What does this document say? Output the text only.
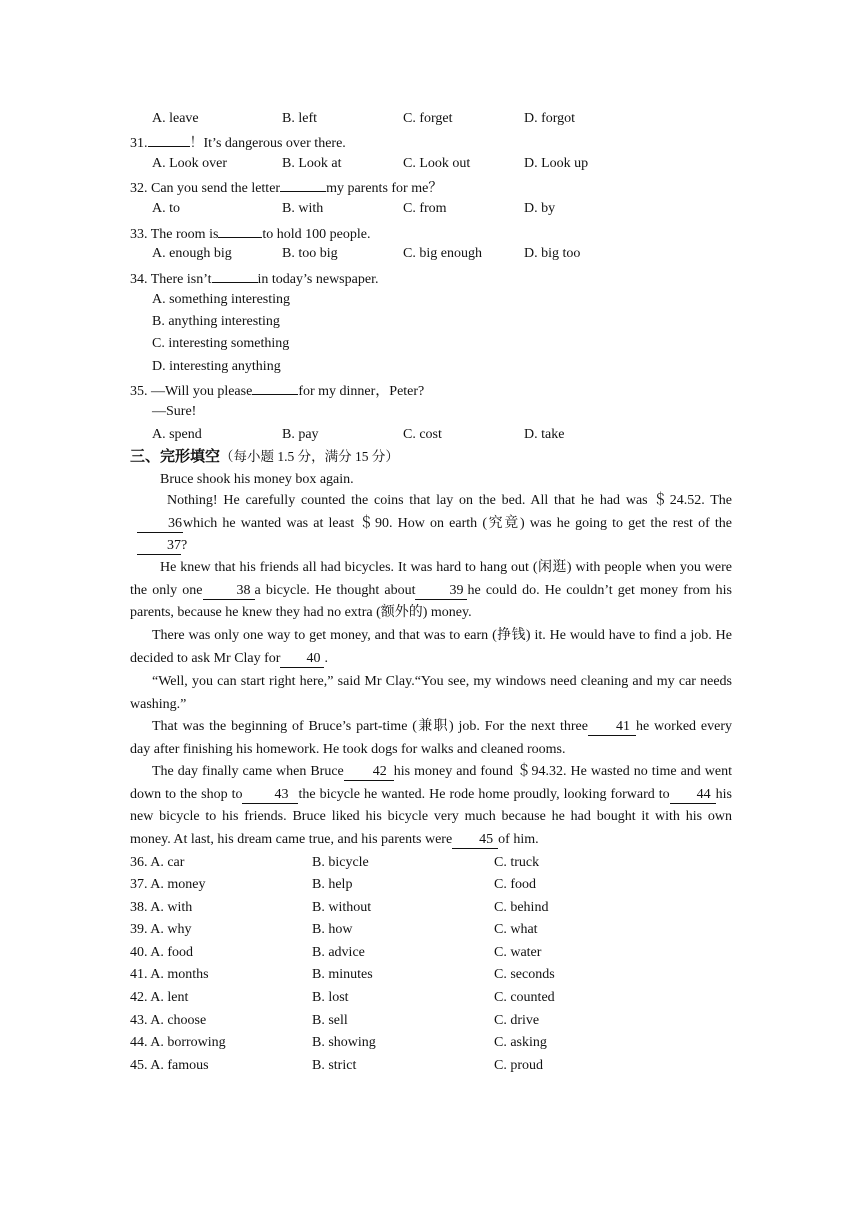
A. leave	B. left	C. forget	D. forgot
31.	！It’s dangerous over there.
A. Look over	B. Look at	C. Look out	D. Look up
32. Can you send the letter	my parents for me？
A. to	B. with	C. from	D. by
33. The room is	to hold 100 people.
A. enough big	B. too big	C. big enough	D. big too
34. There isn’t	in today’s newspaper.
A. something interesting
B. anything interesting
C. interesting something
D. interesting anything
35. —Will you please	for my dinner，Peter?
—Sure!
A. spend	B. pay	C. cost	D. take
三、完形填空（每小题 1.5 分，满分 15 分）
Bruce shook his money box again.
Nothing! He carefully counted the coins that lay on the bed. All that he had was ＄24.52. The 36which he wanted was at least ＄90. How on earth (究竟) was he going to get the rest of the 37?
He knew that his friends all had bicycles. It was hard to hang out (闲逛) with people when you were the only one 38 a bicycle. He thought about 39 he could do. He couldn’t get money from his parents, because he knew they had no extra (额外的) money.
There was only one way to get money, and that was to earn (挣钱) it. He would have to find a job. He decided to ask Mr Clay for 40 .
“Well, you can start right here,” said Mr Clay.“You see, my windows need cleaning and my car needs washing.”
That was the beginning of Bruce’s part-time (兼职) job. For the next three 41 he worked every day after finishing his homework. He took dogs for walks and cleaned rooms.
The day finally came when Bruce 42 his money and found ＄94.32. He wasted no time and went down to the shop to 43 the bicycle he wanted. He rode home proudly, looking forward to 44 his new bicycle to his friends. Bruce liked his bicycle very much because he had bought it with his own money. At last, his dream came true, and his parents were 45 of him.
36. A. car	B. bicycle	C. truck
37. A. money	B. help	C. food
38. A. with	B. without	C. behind
39. A. why	B. how	C. what
40. A. food	B. advice	C. water
41. A. months	B. minutes	C. seconds
42. A. lent	B. lost	C. counted
43. A. choose	B. sell	C. drive
44. A. borrowing	B. showing	C. asking
45. A. famous	B. strict	C. proud
